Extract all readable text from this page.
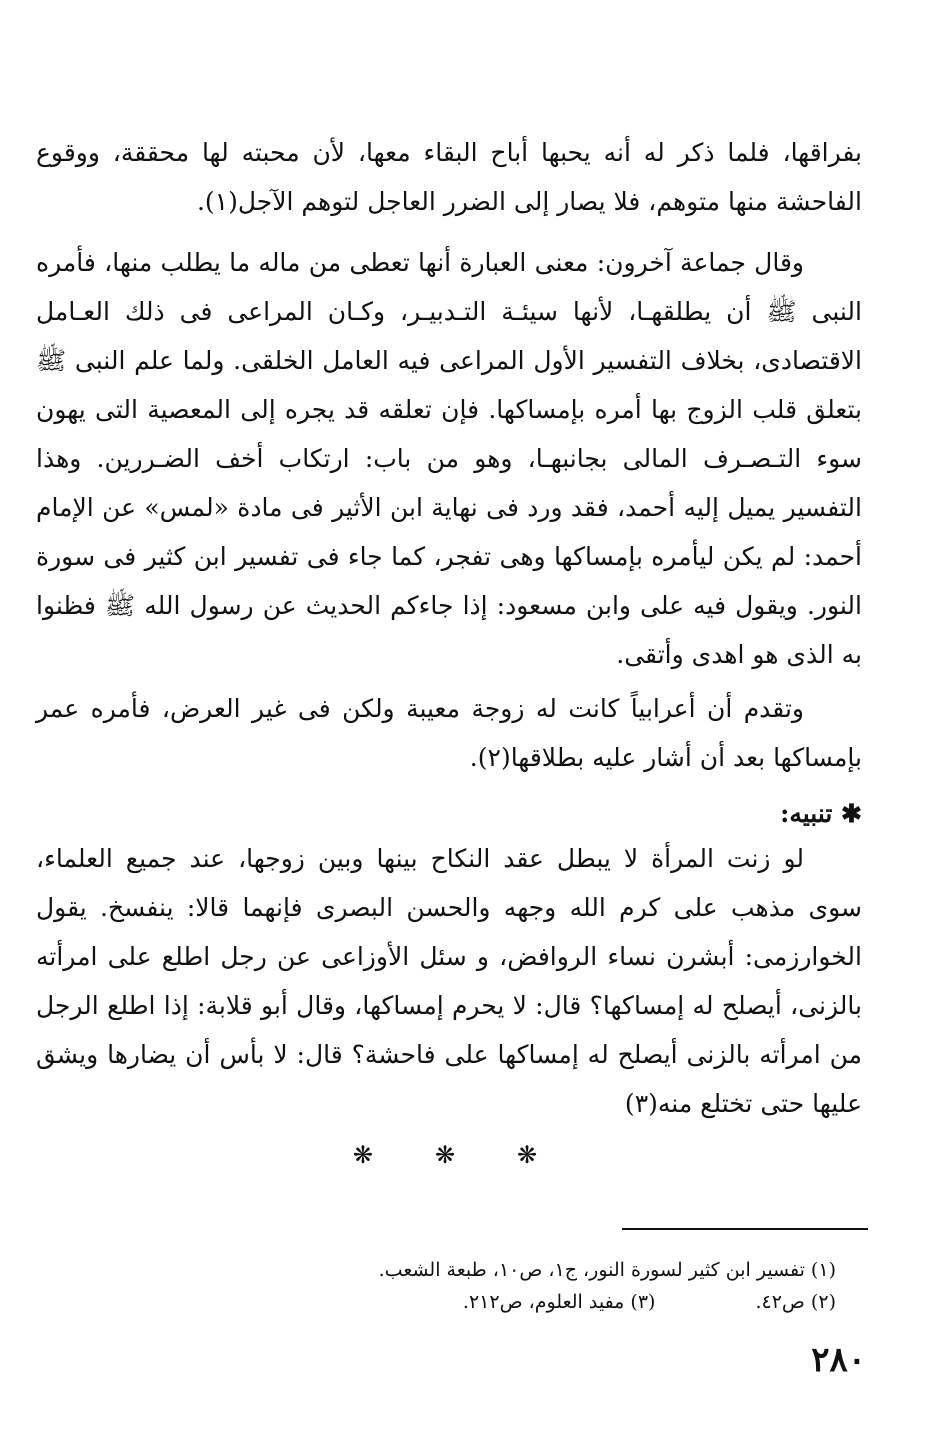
بفراقها، فلما ذكر له أنه يحبها أباح البقاء معها، لأن محبته لها محققة، ووقوع الفاحشة منها متوهم، فلا يصار إلى الضرر العاجل لتوهم الآجل(١).

وقال جماعة آخرون: معنى العبارة أنها تعطى من ماله ما يطلب منها، فأمره النبى ﷺ أن يطلقهـا، لأنها سيئـة التـدبيـر، وكـان المراعى فى ذلك العـامل الاقتصادى، بخلاف التفسير الأول المراعى فيه العامل الخلقى. ولما علم النبى ﷺ بتعلق قلب الزوج بها أمره بإمساكها. فإن تعلقه قد يجره إلى المعصية التى يهون سوء التـصـرف المالى بجانبهـا، وهو من باب: ارتكاب أخف الضـررين. وهذا التفسير يميل إليه أحمد، فقد ورد فى نهاية ابن الأثير فى مادة «لمس» عن الإمام أحمد: لم يكن ليأمره بإمساكها وهى تفجر، كما جاء فى تفسير ابن كثير فى سورة النور. ويقول فيه على وابن مسعود: إذا جاءكم الحديث عن رسول الله ﷺ فظنوا به الذى هو اهدى وأتقى.

وتقدم أن أعرابياً كانت له زوجة معيبة ولكن فى غير العرض، فأمره عمر بإمساكها بعد أن أشار عليه بطلاقها(٢).

✱ تنبيه:

لو زنت المرأة لا يبطل عقد النكاح بينها وبين زوجها، عند جميع العلماء، سوى مذهب على كرم الله وجهه والحسن البصرى فإنهما قالا: ينفسخ. يقول الخوارزمى: أبشرن نساء الروافض، و سئل الأوزاعى عن رجل اطلع على امرأته بالزنى، أيصلح له إمساكها؟ قال: لا يحرم إمساكها، وقال أبو قلابة: إذا اطلع الرجل من امرأته بالزنى أيصلح له إمساكها على فاحشة؟ قال: لا بأس أن يضارها ويشق عليها حتى تختلع منه(٣)

❋ ❋ ❋
(١) تفسير ابن كثير لسورة النور، ج١، ص١٠، طبعة الشعب.
(٢) ص٤٢.(٣) مفيد العلوم، ص٢١٢.
٢٨٠
